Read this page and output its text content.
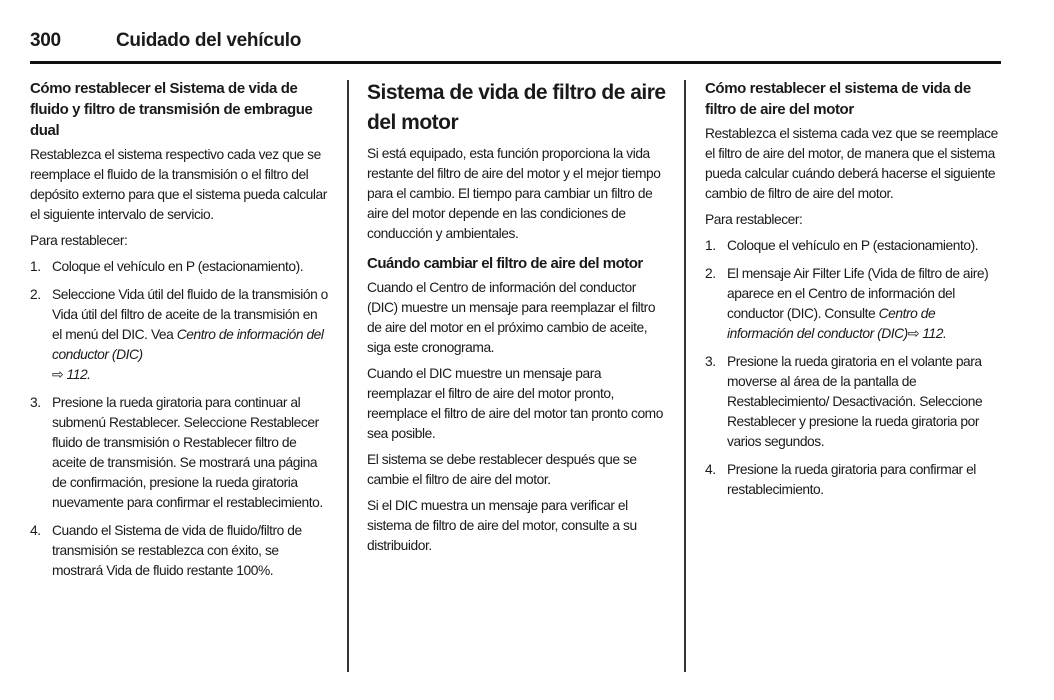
300	Cuidado del vehículo
Cómo restablecer el Sistema de vida de fluido y filtro de transmisión de embrague dual

Restablezca el sistema respectivo cada vez que se reemplace el fluido de la transmisión o el filtro del depósito externo para que el sistema pueda calcular el siguiente intervalo de servicio.

Para restablecer:

1. Coloque el vehículo en P (estacionamiento).
2. Seleccione Vida útil del fluido de la transmisión o Vida útil del filtro de aceite de la transmisión en el menú del DIC. Vea Centro de información del conductor (DIC)
⇨ 112.
3. Presione la rueda giratoria para continuar al submenú Restablecer. Seleccione Restablecer fluido de transmisión o Restablecer filtro de aceite de transmisión. Se mostrará una página de confirmación, presione la rueda giratoria nuevamente para confirmar el restablecimiento.
4. Cuando el Sistema de vida de fluido/filtro de transmisión se restablezca con éxito, se mostrará Vida de fluido restante 100%.
Sistema de vida de filtro de aire del motor

Si está equipado, esta función proporciona la vida restante del filtro de aire del motor y el mejor tiempo para el cambio. El tiempo para cambiar un filtro de aire del motor depende en las condiciones de conducción y ambientales.

Cuándo cambiar el filtro de aire del motor

Cuando el Centro de información del conductor (DIC) muestre un mensaje para reemplazar el filtro de aire del motor en el próximo cambio de aceite, siga este cronograma.

Cuando el DIC muestre un mensaje para reemplazar el filtro de aire del motor pronto, reemplace el filtro de aire del motor tan pronto como sea posible.

El sistema se debe restablecer después que se cambie el filtro de aire del motor.

Si el DIC muestra un mensaje para verificar el sistema de filtro de aire del motor, consulte a su distribuidor.

Cómo restablecer el sistema de vida de filtro de aire del motor

Restablezca el sistema cada vez que se reemplace el filtro de aire del motor, de manera que el sistema pueda calcular cuándo deberá hacerse el siguiente cambio de filtro de aire del motor.

Para restablecer:

1. Coloque el vehículo en P (estacionamiento).
2. El mensaje Air Filter Life (Vida de filtro de aire) aparece en el Centro de información del conductor (DIC). Consulte Centro de información del conductor (DIC)⇨ 112.
3. Presione la rueda giratoria en el volante para moverse al área de la pantalla de Restablecimiento/ Desactivación. Seleccione Restablecer y presione la rueda giratoria por varios segundos.
4. Presione la rueda giratoria para confirmar el restablecimiento.
